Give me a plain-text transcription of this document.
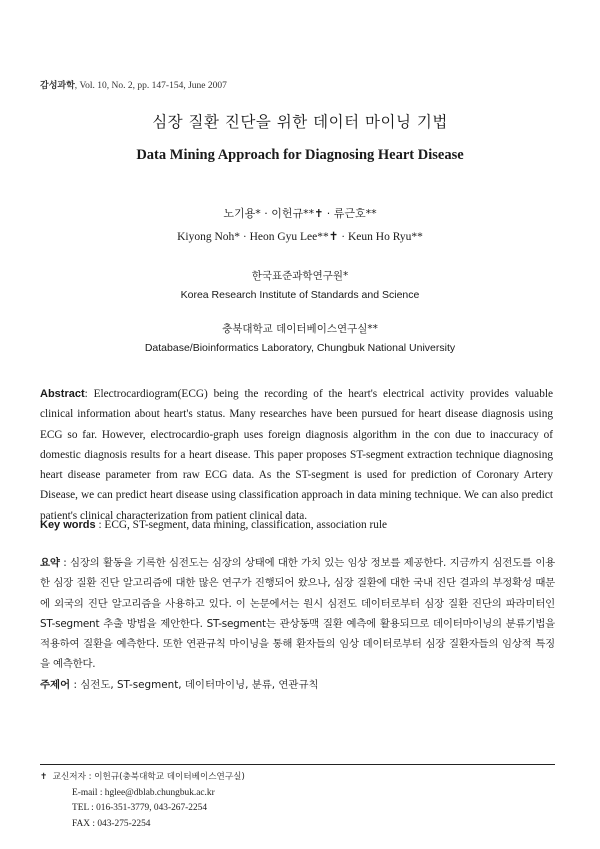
감성과학, Vol. 10, No. 2, pp. 147-154, June 2007
심장 질환 진단을 위한 데이터 마이닝 기법
Data Mining Approach for Diagnosing Heart Disease
노기용* · 이헌규**✝ · 류근호**
Kiyong Noh* · Heon Gyu Lee**✝ · Keun Ho Ryu**
한국표준과학연구원*
Korea Research Institute of Standards and Science
충북대학교 데이터베이스연구실**
Database/Bioinformatics Laboratory, Chungbuk National University
Abstract: Electrocardiogram(ECG) being the recording of the heart's electrical activity provides valuable clinical information about heart's status. Many researches have been pursued for heart disease diagnosis using ECG so far. However, electrocardio-graph uses foreign diagnosis algorithm in the con due to inaccuracy of domestic diagnosis results for a heart disease. This paper proposes ST-segment extraction technique diagnosing heart disease parameter from raw ECG data. As the ST-segment is used for prediction of Coronary Artery Disease, we can predict heart disease using classification approach in data mining technique. We can also predict patient's clinical characterization from patient clinical data.
Key words : ECG, ST-segment, data mining, classification, association rule
요약 : 심장의 활동을 기록한 심전도는 심장의 상태에 대한 가치 있는 임상 정보를 제공한다. 지금까지 심전도를 이용한 심장 질환 진단 알고리즘에 대한 많은 연구가 진행되어 왔으나, 심장 질환에 대한 국내 진단 결과의 부정확성 때문에 외국의 진단 알고리즘을 사용하고 있다. 이 논문에서는 원시 심전도 데이터로부터 심장 질환 진단의 파라미터인 ST-segment 추출 방법을 제안한다. ST-segment는 관상동맥 질환 예측에 활용되므로 데이터마이닝의 분류기법을 적용하여 질환을 예측한다. 또한 연관규칙 마이닝을 통해 환자들의 임상 데이터로부터 심장 질환자들의 임상적 특징을 예측한다.
주제어 : 심전도, ST-segment, 데이터마이닝, 분류, 연관규칙
✝ 교신저자 : 이헌규(충북대학교 데이터베이스연구실)
E-mail : hglee@dblab.chungbuk.ac.kr
TEL : 016-351-3779, 043-267-2254
FAX : 043-275-2254
